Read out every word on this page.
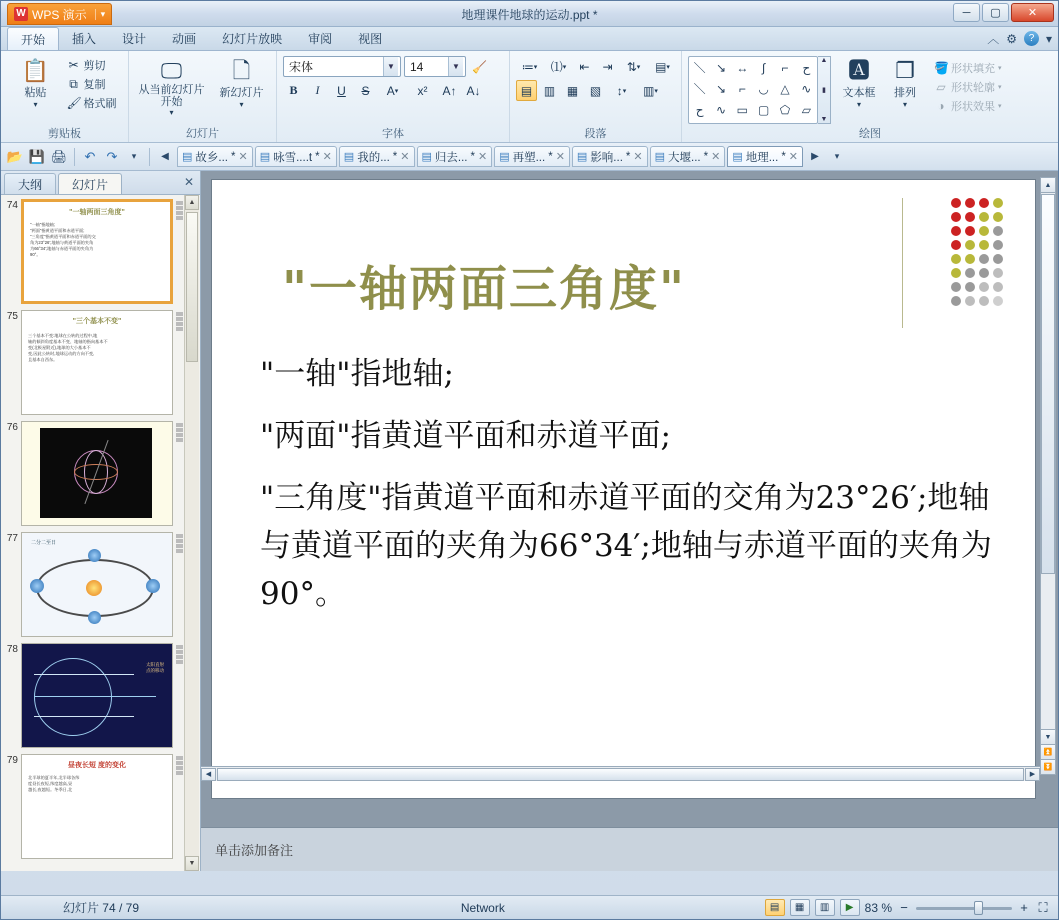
W WPS 演示	▾	地理课件地球的运动.ppt *	─	▢	✕
开始	插入	设计	动画	幻灯片放映	审阅	视图	︿ ⚙	? ▾
📋
粘贴
▾
✂ 剪切
⧉ 复制
🖌 格式刷
剪贴板
🖵
从当前幻灯片开始
▾
🗋
新幻灯片
▾
幻灯片
宋体	▼ 14	▼ 🧹
B	I	U	S	A ▾	x²	A↑ A↓
字体
≔ ▾	⑴ ▾	⇤	⇥	⇅ ▾	▤ ▾
▤ ▥ ▦ ▧	↕ ▾	▥ ▾
段落
＼ ↘ ↔	∫	⌐	ح
＼ ↘	⌐	◡ △ ∿
ح	∿ ▭ ▢ ⬠ ▱
▲
▮
▼
🅰
文本框
▾
❐
排列
▾
🪣 形状填充 ▾
▱ 形状轮廓 ▾
◑ 形状效果 ▾
绘图
📂 💾 🖨	↶ ↷	▾	◀	▤ 故乡... * ✕ ▤ 咏雪....t * ✕ ▤ 我的... * ✕ ▤ 归去... * ✕ ▤ 再塑... * ✕ ▤ 影响... * ✕ ▤ 大堰... * ✕ ▤ 地理... * ✕	▶	▾
大纲	幻灯片	✕
74
"一轴两面三角度"
"一轴"指地轴;
"两面"指黄道平面和赤道平面;
"三角度"指黄道平面和赤道平面的交
角为23°26′;地轴与黄道平面的夹角
为66°34′;地轴与赤道平面的夹角为
90°。
75	"三个基本不变"
三个基本不变:地球在公转的过程中,地
轴的倾斜角度基本不变、地轴的指向基本不
变(北极星附近),地球的大小基本不
变,因此公转时,地球运动的方向不变,
且基本自西东。
76
77	二分二至日
78
太阳直射点的移动
79	昼夜长短 度的变化
北半球的夏半年,北半球各纬
度昼长夜短,纬度越高,昼
越长,夜越短。冬季日,北
▲
▼
"一轴两面三角度"

"一轴"指地轴;

"两面"指黄道平面和赤道平面;

"三角度"指黄道平面和赤道平面的交角为23°26′;地轴与黄道平面的夹角为66°34′;地轴与赤道平面的夹角为90°。

▲
▼
⏫
⏬
◀	▶
单击添加备注
幻灯片 74 / 79	Network	▤	▦	▥	▶ 83 % −	+ ⛶
